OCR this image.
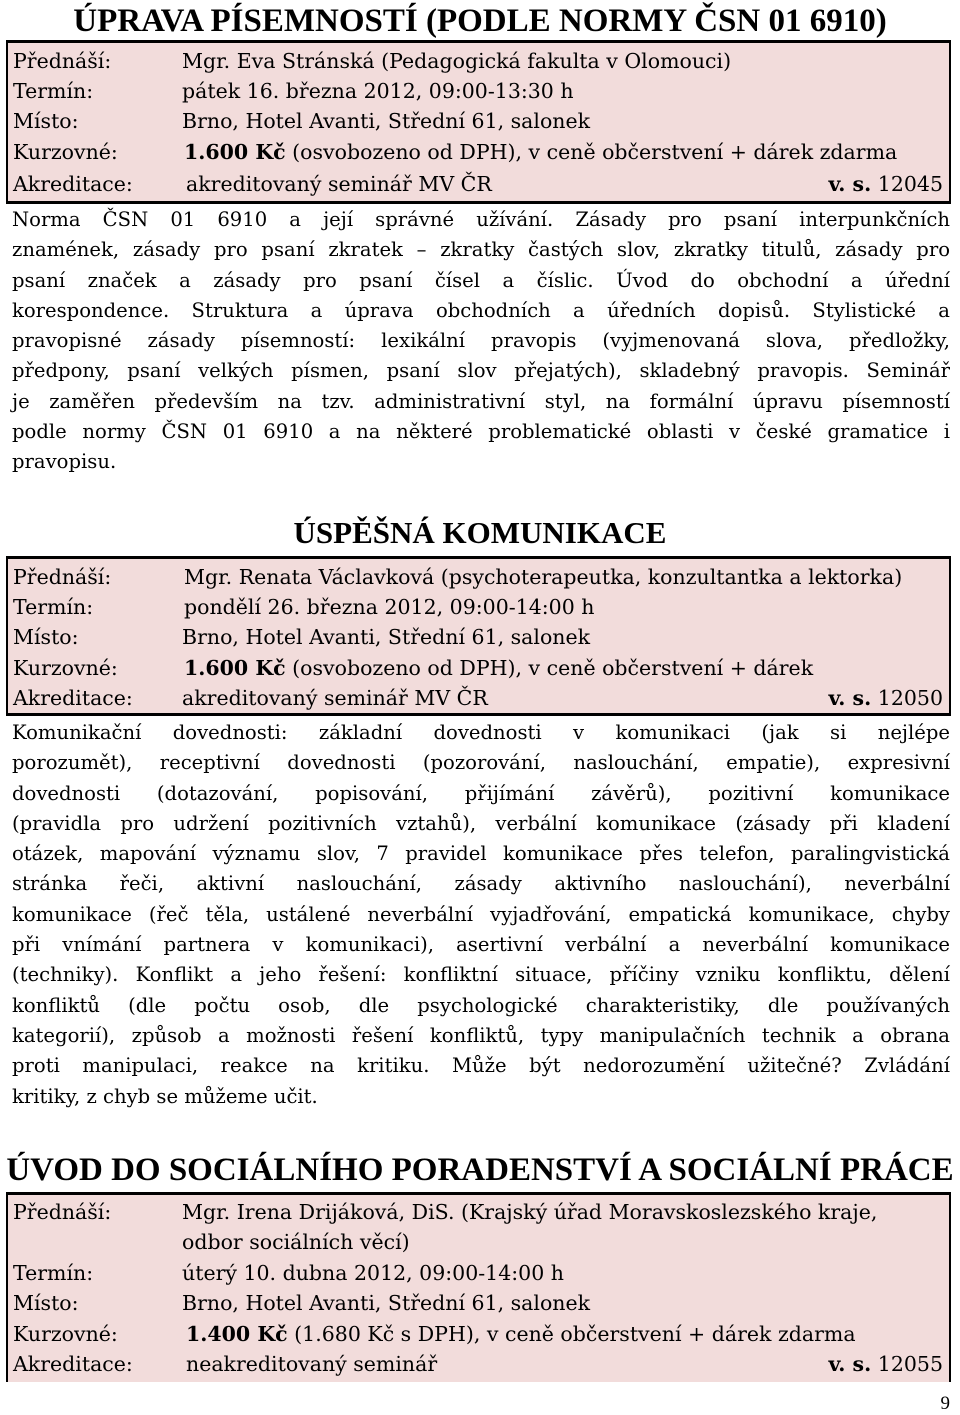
ÚPRAVA PÍSEMNOSTÍ (PODLE NORMY ČSN 01 6910)
Přednáší:	Mgr. Eva Stránská (Pedagogická fakulta v Olomouci)
Termín:	pátek 16. března 2012, 09:00-13:30 h
Místo:	Brno, Hotel Avanti, Střední 61, salonek
Kurzovné:	1.600 Kč (osvobozeno od DPH), v ceně občerstvení + dárek zdarma
Akreditace:	akreditovaný seminář MV ČR	v. s. 12045
Norma ČSN 01 6910 a její správné užívání. Zásady pro psaní interpunkčních
znamének, zásady pro psaní zkratek – zkratky častých slov, zkratky titulů, zásady pro
psaní značek a zásady pro psaní čísel a číslic. Úvod do obchodní a úřední
korespondence. Struktura a úprava obchodních a úředních dopisů. Stylistické a
pravopisné zásady písemností: lexikální pravopis (vyjmenovaná slova, předložky,
předpony, psaní velkých písmen, psaní slov přejatých), skladebný pravopis. Seminář
je zaměřen především na tzv. administrativní styl, na formální úpravu písemností
podle normy ČSN 01 6910 a na některé problematické oblasti v české gramatice i
pravopisu.
ÚSPĚŠNÁ KOMUNIKACE
Přednáší:	Mgr. Renata Václavková (psychoterapeutka, konzultantka a lektorka)
Termín:	pondělí 26. března 2012, 09:00-14:00 h
Místo:	Brno, Hotel Avanti, Střední 61, salonek
Kurzovné:	1.600 Kč (osvobozeno od DPH), v ceně občerstvení + dárek
Akreditace: akreditovaný seminář MV ČR	v. s. 12050
Komunikační dovednosti: základní dovednosti v komunikaci (jak si nejlépe
porozumět), receptivní dovednosti (pozorování, naslouchání, empatie), expresivní
dovednosti (dotazování, popisování, přijímání závěrů), pozitivní komunikace
(pravidla pro udržení pozitivních vztahů), verbální komunikace (zásady při kladení
otázek, mapování významu slov, 7 pravidel komunikace přes telefon, paralingvistická
stránka řeči, aktivní naslouchání, zásady aktivního naslouchání), neverbální
komunikace (řeč těla, ustálené neverbální vyjadřování, empatická komunikace, chyby
při vnímání partnera v komunikaci), asertivní verbální a neverbální komunikace
(techniky). Konflikt a jeho řešení: konfliktní situace, příčiny vzniku konfliktu, dělení
konfliktů (dle počtu osob, dle psychologické charakteristiky, dle používaných
kategorií), způsob a možnosti řešení konfliktů, typy manipulačních technik a obrana
proti manipulaci, reakce na kritiku. Může být nedorozumění užitečné? Zvládání
kritiky, z chyb se můžeme učit.
ÚVOD DO SOCIÁLNÍHO PORADENSTVÍ A SOCIÁLNÍ PRÁCE
Přednáší:	Mgr. Irena Drijáková, DiS. (Krajský úřad Moravskoslezského kraje,
odbor sociálních věcí)
Termín:	úterý 10. dubna 2012, 09:00-14:00 h
Místo:	Brno, Hotel Avanti, Střední 61, salonek
Kurzovné:	1.400 Kč (1.680 Kč s DPH), v ceně občerstvení + dárek zdarma
Akreditace:	neakreditovaný seminář	v. s. 12055
9
